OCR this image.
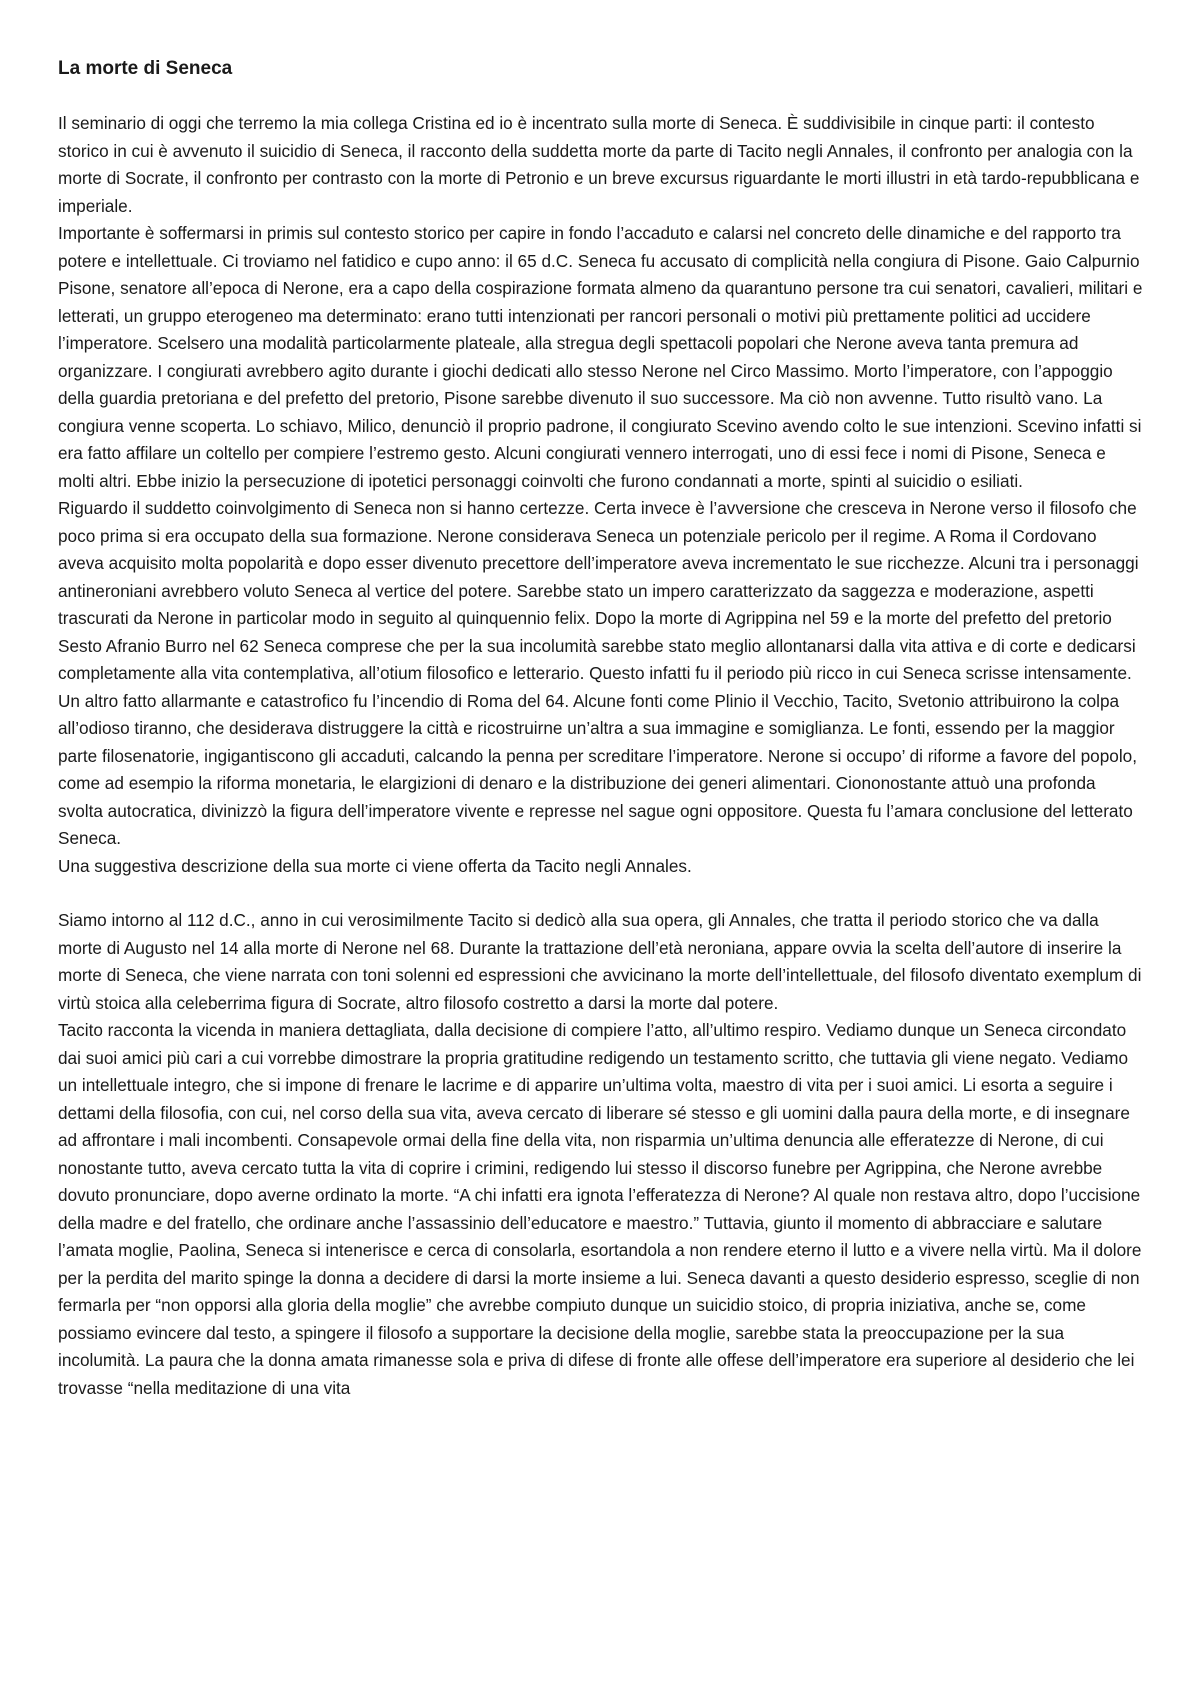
La morte di Seneca

Il seminario di oggi che terremo la mia collega Cristina ed io è incentrato sulla morte di Seneca. È suddivisibile in cinque parti: il contesto storico in cui è avvenuto il suicidio di Seneca, il racconto della suddetta morte da parte di Tacito negli Annales, il confronto per analogia con la morte di Socrate, il confronto per contrasto con la morte di Petronio e un breve excursus riguardante le morti illustri in età tardo-repubblicana e imperiale.

Importante è soffermarsi in primis sul contesto storico per capire in fondo l’accaduto e calarsi nel concreto delle dinamiche e del rapporto tra potere e intellettuale. Ci troviamo nel fatidico e cupo anno: il 65 d.C. Seneca fu accusato di complicità nella congiura di Pisone. Gaio Calpurnio Pisone, senatore all’epoca di Nerone, era a capo della cospirazione formata almeno da quarantuno persone tra cui senatori, cavalieri, militari e letterati, un gruppo eterogeneo ma determinato: erano tutti intenzionati per rancori personali o motivi più prettamente politici ad uccidere l’imperatore. Scelsero una modalità particolarmente plateale, alla stregua degli spettacoli popolari che Nerone aveva tanta premura ad organizzare. I congiurati avrebbero agito durante i giochi dedicati allo stesso Nerone nel Circo Massimo. Morto l’imperatore, con l’appoggio della guardia pretoriana e del prefetto del pretorio, Pisone sarebbe divenuto il suo successore. Ma ciò non avvenne. Tutto risultò vano. La congiura venne scoperta. Lo schiavo, Milico, denunciò il proprio padrone, il congiurato Scevino avendo colto le sue intenzioni. Scevino infatti si era fatto affilare un coltello per compiere l’estremo gesto. Alcuni congiurati vennero interrogati, uno di essi fece i nomi di Pisone, Seneca e molti altri. Ebbe inizio la persecuzione di ipotetici personaggi coinvolti che furono condannati a morte, spinti al suicidio o esiliati.

Riguardo il suddetto coinvolgimento di Seneca non si hanno certezze. Certa invece è l’avversione che cresceva in Nerone verso il filosofo che poco prima si era occupato della sua formazione. Nerone considerava Seneca un potenziale pericolo per il regime. A Roma il Cordovano aveva acquisito molta popolarità e dopo esser divenuto precettore dell’imperatore aveva incrementato le sue ricchezze. Alcuni tra i personaggi antineroniani avrebbero voluto Seneca al vertice del potere. Sarebbe stato un impero caratterizzato da saggezza e moderazione, aspetti trascurati da Nerone in particolar modo in seguito al quinquennio felix. Dopo la morte di Agrippina nel 59 e la morte del prefetto del pretorio Sesto Afranio Burro nel 62 Seneca comprese che per la sua incolumità sarebbe stato meglio allontanarsi dalla vita attiva e di corte e dedicarsi completamente alla vita contemplativa, all’otium filosofico e letterario. Questo infatti fu il periodo più ricco in cui Seneca scrisse intensamente.

Un altro fatto allarmante e catastrofico fu l’incendio di Roma del 64. Alcune fonti come Plinio il Vecchio, Tacito, Svetonio attribuirono la colpa all’odioso tiranno, che desiderava distruggere la città e ricostruirne un’altra a sua immagine e somiglianza. Le fonti, essendo per la maggior parte filosenatorie, ingigantiscono gli accaduti, calcando la penna per screditare l’imperatore. Nerone si occupo’ di riforme a favore del popolo, come ad esempio la riforma monetaria, le elargizioni di denaro e la distribuzione dei generi alimentari. Ciononostante attuò una profonda svolta autocratica, divinizzò la figura dell’imperatore vivente e represse nel sague ogni oppositore. Questa fu l’amara conclusione del letterato Seneca.

Una suggestiva descrizione della sua morte ci viene offerta da Tacito negli Annales.

Siamo intorno al 112 d.C., anno in cui verosimilmente Tacito si dedicò alla sua opera, gli Annales, che tratta il periodo storico che va dalla morte di Augusto nel 14 alla morte di Nerone nel 68. Durante la trattazione dell’età neroniana, appare ovvia la scelta dell’autore di inserire la morte di Seneca, che viene narrata con toni solenni ed espressioni che avvicinano la morte dell’intellettuale, del filosofo diventato exemplum di virtù stoica alla celeberrima figura di Socrate, altro filosofo costretto a darsi la morte dal potere.

Tacito racconta la vicenda in maniera dettagliata, dalla decisione di compiere l’atto, all’ultimo respiro. Vediamo dunque un Seneca circondato dai suoi amici più cari a cui vorrebbe dimostrare la propria gratitudine redigendo un testamento scritto, che tuttavia gli viene negato. Vediamo un intellettuale integro, che si impone di frenare le lacrime e di apparire un’ultima volta, maestro di vita per i suoi amici. Li esorta a seguire i dettami della filosofia, con cui, nel corso della sua vita, aveva cercato di liberare sé stesso e gli uomini dalla paura della morte, e di insegnare ad affrontare i mali incombenti. Consapevole ormai della fine della vita, non risparmia un’ultima denuncia alle efferatezze di Nerone, di cui nonostante tutto, aveva cercato tutta la vita di coprire i crimini, redigendo lui stesso il discorso funebre per Agrippina, che Nerone avrebbe dovuto pronunciare, dopo averne ordinato la morte. “A chi infatti era ignota l’efferatezza di Nerone? Al quale non restava altro, dopo l’uccisione della madre e del fratello, che ordinare anche l’assassinio dell’educatore e maestro.” Tuttavia, giunto il momento di abbracciare e salutare l’amata moglie, Paolina, Seneca si intenerisce e cerca di consolarla, esortandola a non rendere eterno il lutto e a vivere nella virtù. Ma il dolore per la perdita del marito spinge la donna a decidere di darsi la morte insieme a lui. Seneca davanti a questo desiderio espresso, sceglie di non fermarla per “non opporsi alla gloria della moglie” che avrebbe compiuto dunque un suicidio stoico, di propria iniziativa, anche se, come possiamo evincere dal testo, a spingere il filosofo a supportare la decisione della moglie, sarebbe stata la preoccupazione per la sua incolumità. La paura che la donna amata rimanesse sola e priva di difese di fronte alle offese dell’imperatore era superiore al desiderio che lei trovasse “nella meditazione di una vita
